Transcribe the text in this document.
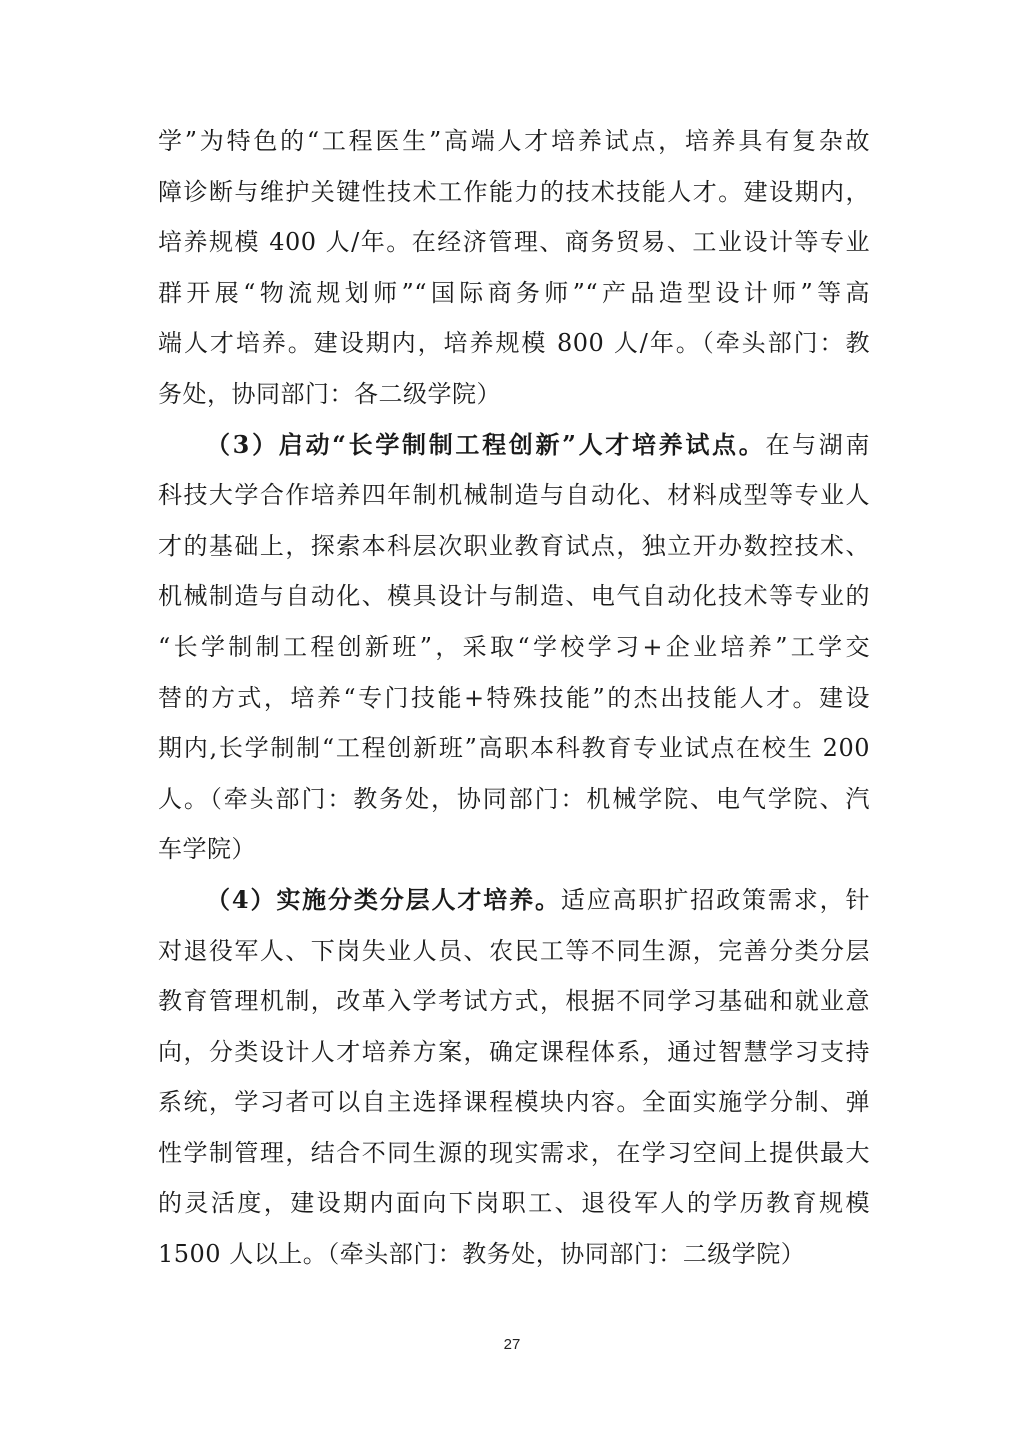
学”为特色的“工程医生”高端人才培养试点，培养具有复杂故
障诊断与维护关键性技术工作能力的技术技能人才。建设期内，
培养规模 400 人/年。在经济管理、商务贸易、工业设计等专业
群开展“物流规划师”“国际商务师”“产品造型设计师”等高
端人才培养。建设期内，培养规模 800 人/年。（牵头部门：教
务处，协同部门：各二级学院）
（3）启动“长学制制工程创新”人才培养试点。在与湖南
科技大学合作培养四年制机械制造与自动化、材料成型等专业人
才的基础上，探索本科层次职业教育试点，独立开办数控技术、
机械制造与自动化、模具设计与制造、电气自动化技术等专业的
“长学制制工程创新班”，采取“学校学习+企业培养”工学交
替的方式，培养“专门技能+特殊技能”的杰出技能人才。建设
期内,长学制制“工程创新班”高职本科教育专业试点在校生 200
人。（牵头部门：教务处，协同部门：机械学院、电气学院、汽
车学院）
（4）实施分类分层人才培养。适应高职扩招政策需求，针
对退役军人、下岗失业人员、农民工等不同生源，完善分类分层
教育管理机制，改革入学考试方式，根据不同学习基础和就业意
向，分类设计人才培养方案，确定课程体系，通过智慧学习支持
系统，学习者可以自主选择课程模块内容。全面实施学分制、弹
性学制管理，结合不同生源的现实需求，在学习空间上提供最大
的灵活度，建设期内面向下岗职工、退役军人的学历教育规模
1500 人以上。（牵头部门：教务处，协同部门：二级学院）
27
